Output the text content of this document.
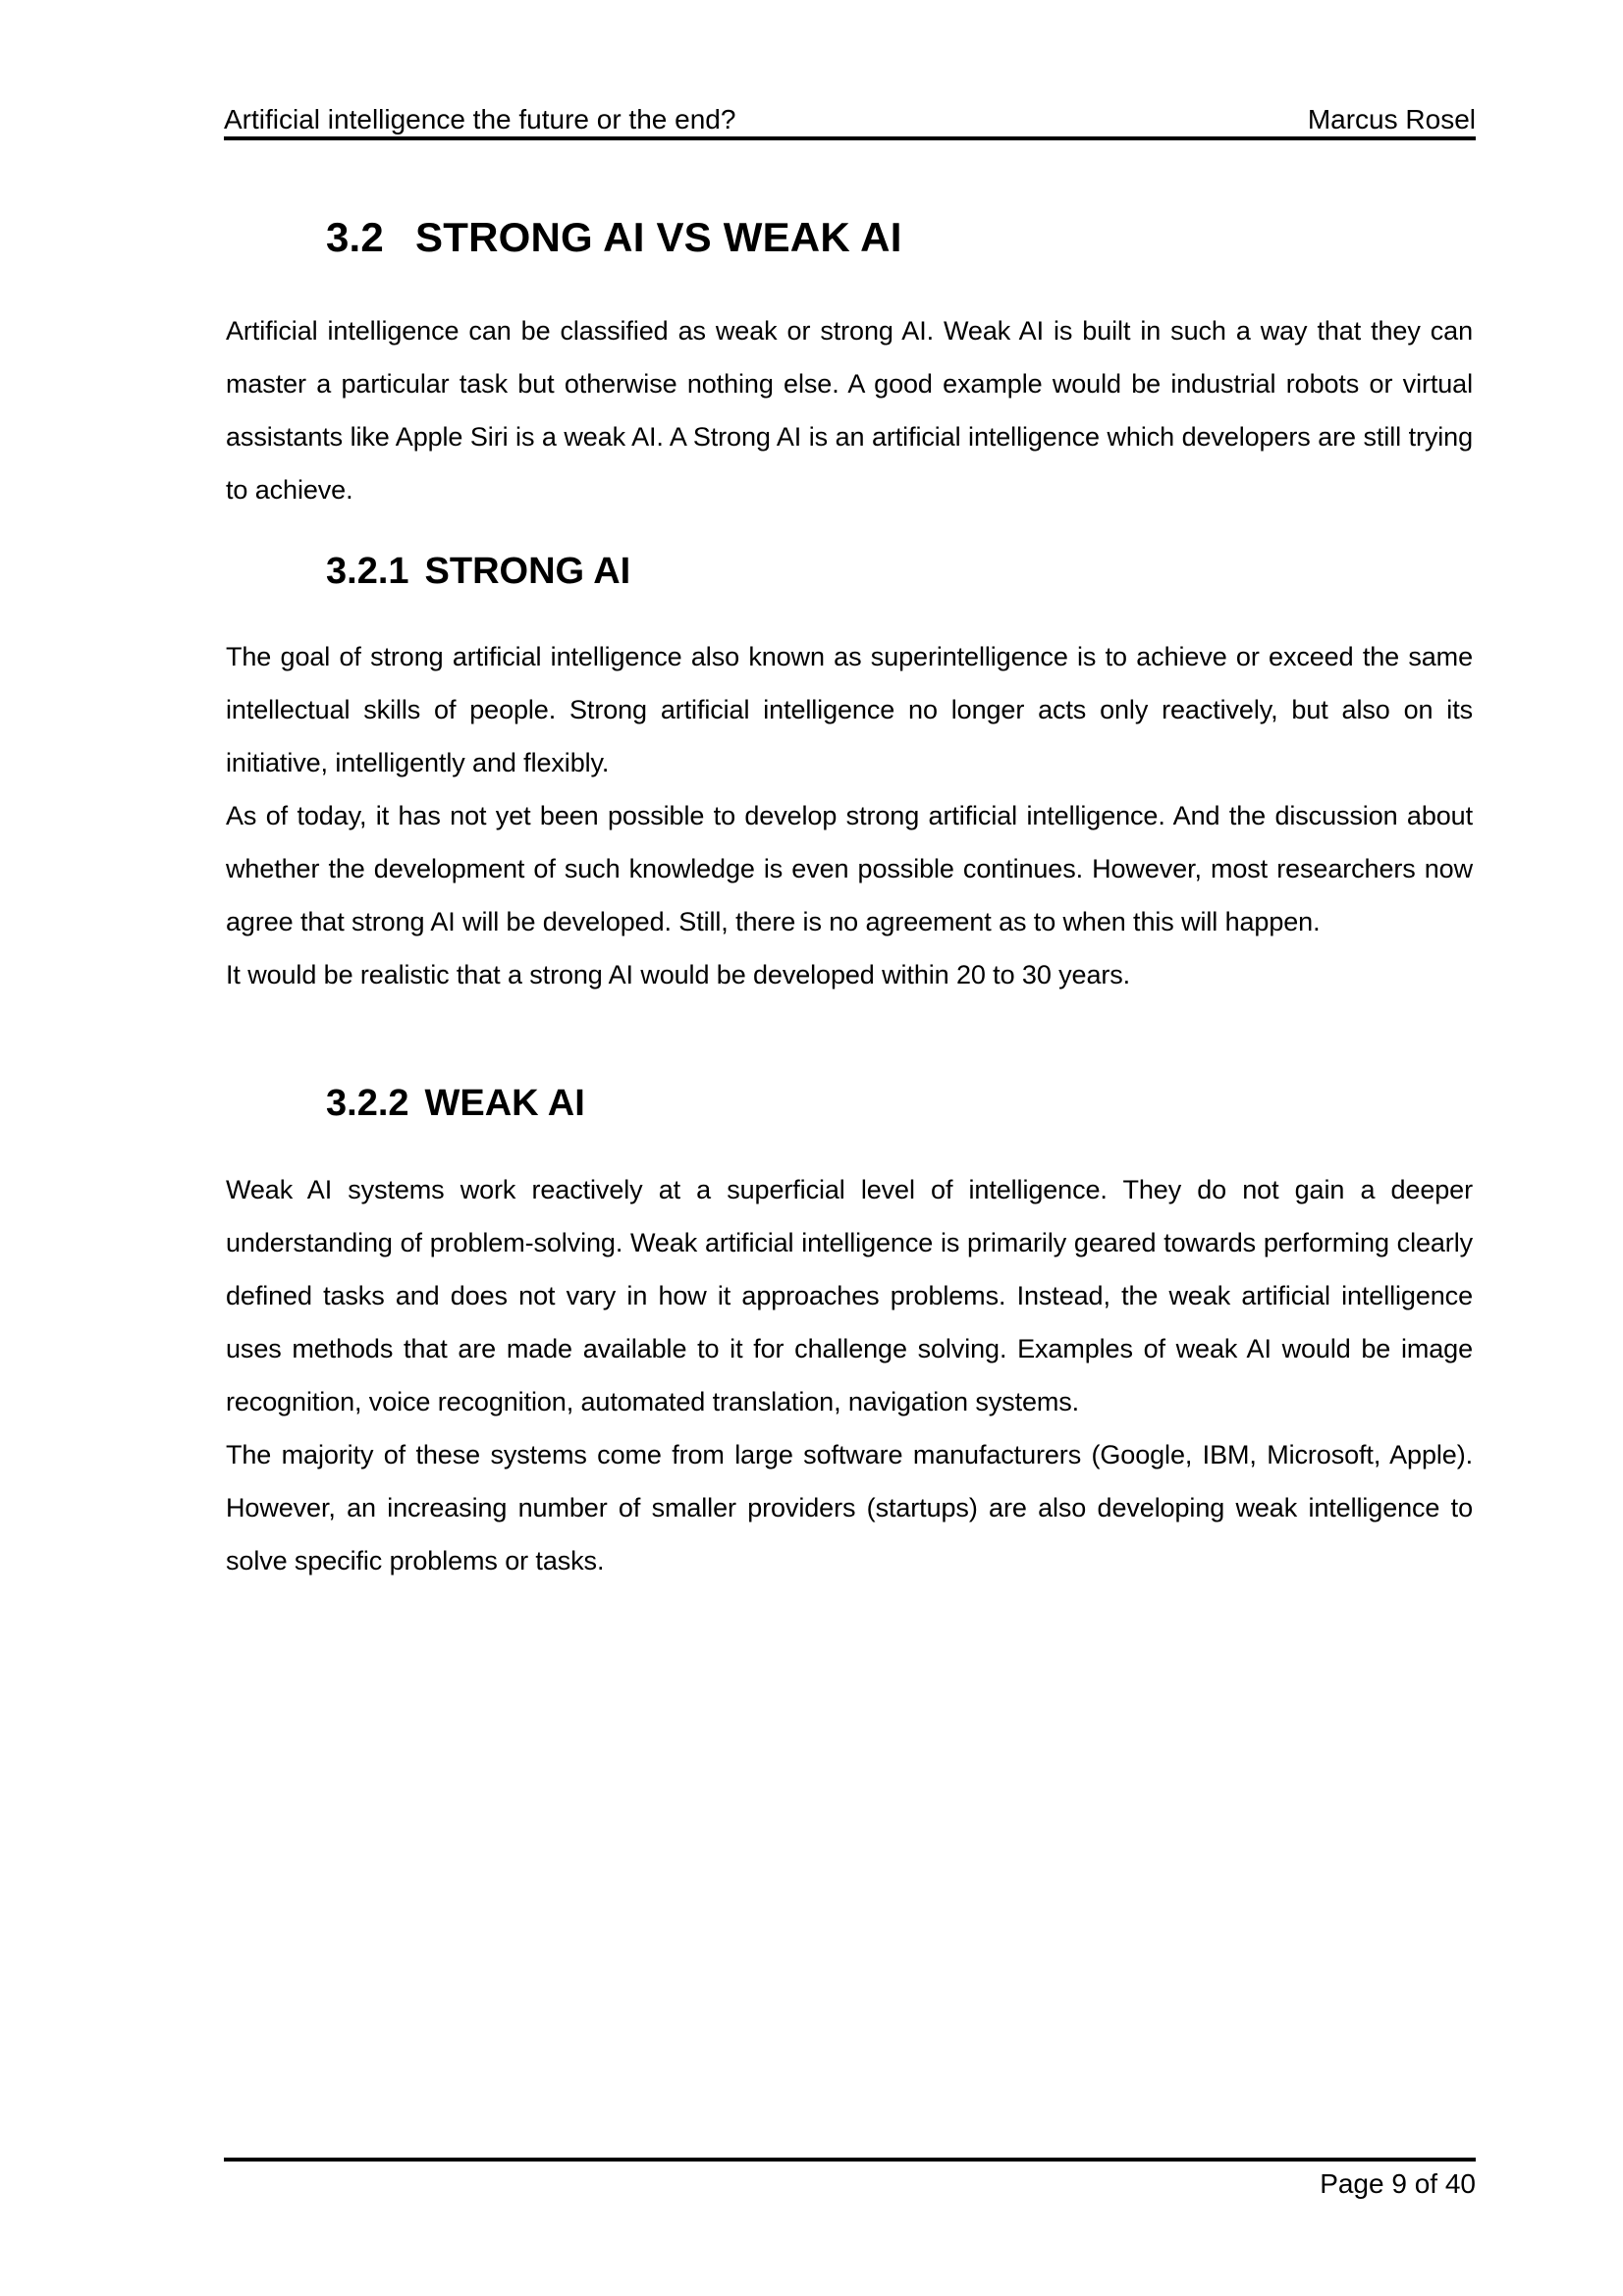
Artificial intelligence the future or the end?	Marcus Rosel
3.2 STRONG AI VS WEAK AI

Artificial intelligence can be classified as weak or strong AI. Weak AI is built in such a way that they can master a particular task but otherwise nothing else. A good example would be industrial robots or virtual assistants like Apple Siri is a weak AI. A Strong AI is an artificial intelligence which developers are still trying to achieve.

3.2.1 STRONG AI

The goal of strong artificial intelligence also known as superintelligence is to achieve or exceed the same intellectual skills of people. Strong artificial intelligence no longer acts only reactively, but also on its initiative, intelligently and flexibly.

As of today, it has not yet been possible to develop strong artificial intelligence. And the discussion about whether the development of such knowledge is even possible continues. However, most researchers now agree that strong AI will be developed. Still, there is no agreement as to when this will happen.

It would be realistic that a strong AI would be developed within 20 to 30 years.

3.2.2 WEAK AI

Weak AI systems work reactively at a superficial level of intelligence. They do not gain a deeper understanding of problem-solving. Weak artificial intelligence is primarily geared towards performing clearly defined tasks and does not vary in how it approaches problems. Instead, the weak artificial intelligence uses methods that are made available to it for challenge solving. Examples of weak AI would be image recognition, voice recognition, automated translation, navigation systems.

The majority of these systems come from large software manufacturers (Google, IBM, Microsoft, Apple). However, an increasing number of smaller providers (startups) are also developing weak intelligence to solve specific problems or tasks.

Page 9 of 40
